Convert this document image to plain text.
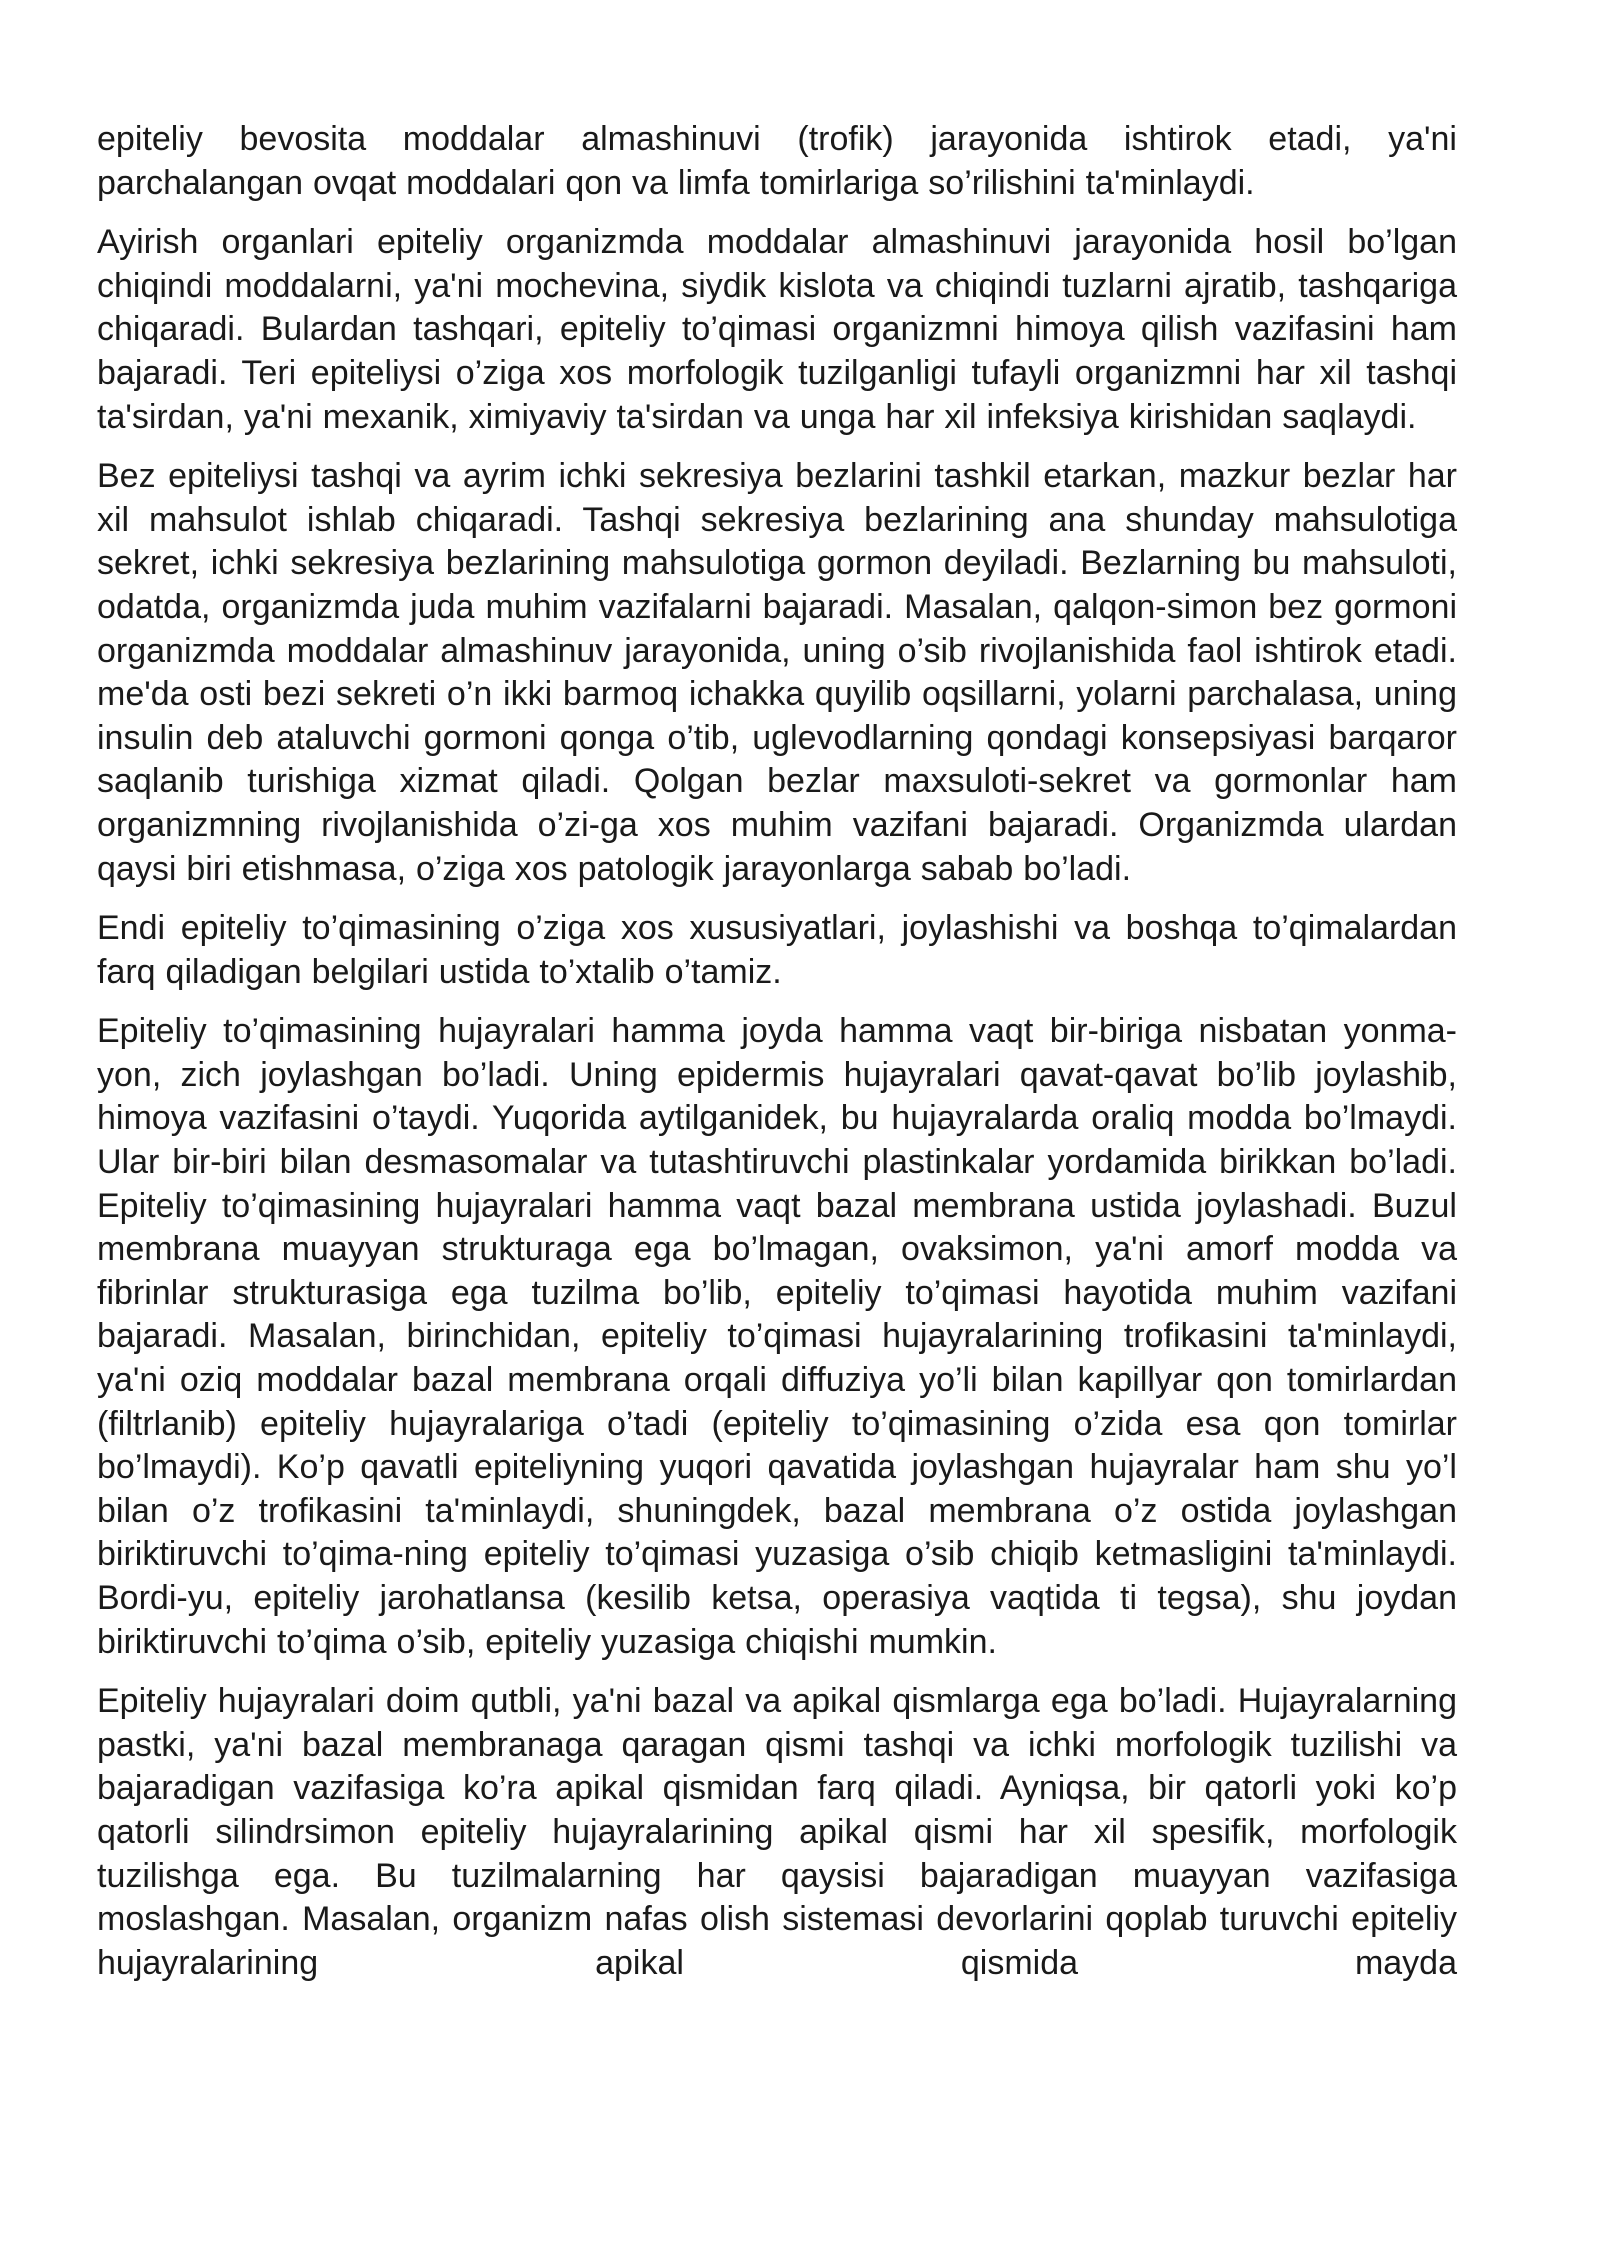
epiteliy bevosita moddalar almashinuvi (trofik) jarayonida ishtirok etadi, ya'ni parchalangan ovqat moddalari qon va limfa tomirlariga so’rilishini ta'minlaydi.

Ayirish organlari epiteliy organizmda moddalar almashinuvi jarayonida hosil bo’lgan chiqindi moddalarni, ya'ni mochevina, siydik kislota va chiqindi tuzlarni ajratib, tashqariga chiqaradi. Bulardan tashqari, epiteliy to’qimasi organizmni himoya qilish vazifasini ham bajaradi. Teri epiteliysi o’ziga xos morfologik tuzilganligi tufayli organizmni har xil tashqi ta'sirdan, ya'ni mexanik, ximiyaviy ta'sirdan va unga har xil infeksiya kirishidan saqlaydi.

Bez epiteliysi tashqi va ayrim ichki sekresiya bezlarini tashkil etarkan, mazkur bezlar har xil mahsulot ishlab chiqaradi. Tashqi sekresiya bezlarining ana shunday mahsulotiga sekret, ichki sekresiya bezlarining mahsulotiga gormon deyiladi. Bezlarning bu mahsuloti, odatda, organizmda juda muhim vazifalarni bajaradi. Masalan, qalqon-simon bez gormoni organizmda moddalar almashinuv jarayonida, uning o’sib rivojlanishida faol ishtirok etadi. me'da osti bezi sekreti o’n ikki barmoq ichakka quyilib oqsillarni, yolarni parchalasa, uning insulin deb ataluvchi gormoni qonga o’tib, uglevodlarning qondagi konsepsiyasi barqaror saqlanib turishiga xizmat qiladi. Qolgan bezlar maxsuloti-sekret va gormonlar ham organizmning rivojlanishida o’zi-ga xos muhim vazifani bajaradi. Organizmda ulardan qaysi biri etishmasa, o’ziga xos patologik jarayonlarga sabab bo’ladi.

Endi epiteliy to’qimasining o’ziga xos xususiyatlari, joylashishi va boshqa to’qimalardan farq qiladigan belgilari ustida to’xtalib o’tamiz.

Epiteliy to’qimasining hujayralari hamma joyda hamma vaqt bir-biriga nisbatan yonma-yon, zich joylashgan bo’ladi. Uning epidermis hujayralari qavat-qavat bo’lib joylashib, himoya vazifasini o’taydi. Yuqorida aytilganidek, bu hujayralarda oraliq modda bo’lmaydi. Ular bir-biri bilan desmasomalar va tutashtiruvchi plastinkalar yordamida birikkan bo’ladi. Epiteliy to’qimasining hujayralari hamma vaqt bazal membrana ustida joylashadi. Buzul membrana muayyan strukturaga ega bo’lmagan, ovaksimon, ya'ni amorf modda va fibrinlar strukturasiga ega tuzilma bo’lib, epiteliy to’qimasi hayotida muhim vazifani bajaradi. Masalan, birinchidan, epiteliy to’qimasi hujayralarining trofikasini ta'minlaydi, ya'ni oziq moddalar bazal membrana orqali diffuziya yo’li bilan kapillyar qon tomirlardan (filtrlanib) epiteliy hujayralariga o’tadi (epiteliy to’qimasining o’zida esa qon tomirlar bo’lmaydi). Ko’p qavatli epiteliyning yuqori qavatida joylashgan hujayralar ham shu yo’l bilan o’z trofikasini ta'minlaydi, shuningdek, bazal membrana o’z ostida joylashgan biriktiruvchi to’qima-ning epiteliy to’qimasi yuzasiga o’sib chiqib ketmasligini ta'minlaydi. Bordi-yu, epiteliy jarohatlansa (kesilib ketsa, operasiya vaqtida ti tegsa), shu joydan biriktiruvchi to’qima o’sib, epiteliy yuzasiga chiqishi mumkin.

Epiteliy hujayralari doim qutbli, ya'ni bazal va apikal qismlarga ega bo’ladi. Hujayralarning pastki, ya'ni bazal membranaga qaragan qismi tashqi va ichki morfologik tuzilishi va bajaradigan vazifasiga ko’ra apikal qismidan farq qiladi. Ayniqsa, bir qatorli yoki ko’p qatorli silindrsimon epiteliy hujayralarining apikal qismi har xil spesifik, morfologik tuzilishga ega. Bu tuzilmalarning har qaysisi bajaradigan muayyan vazifasiga moslashgan. Masalan, organizm nafas olish sistemasi devorlarini qoplab turuvchi epiteliy hujayralarining apikal qismida mayda
